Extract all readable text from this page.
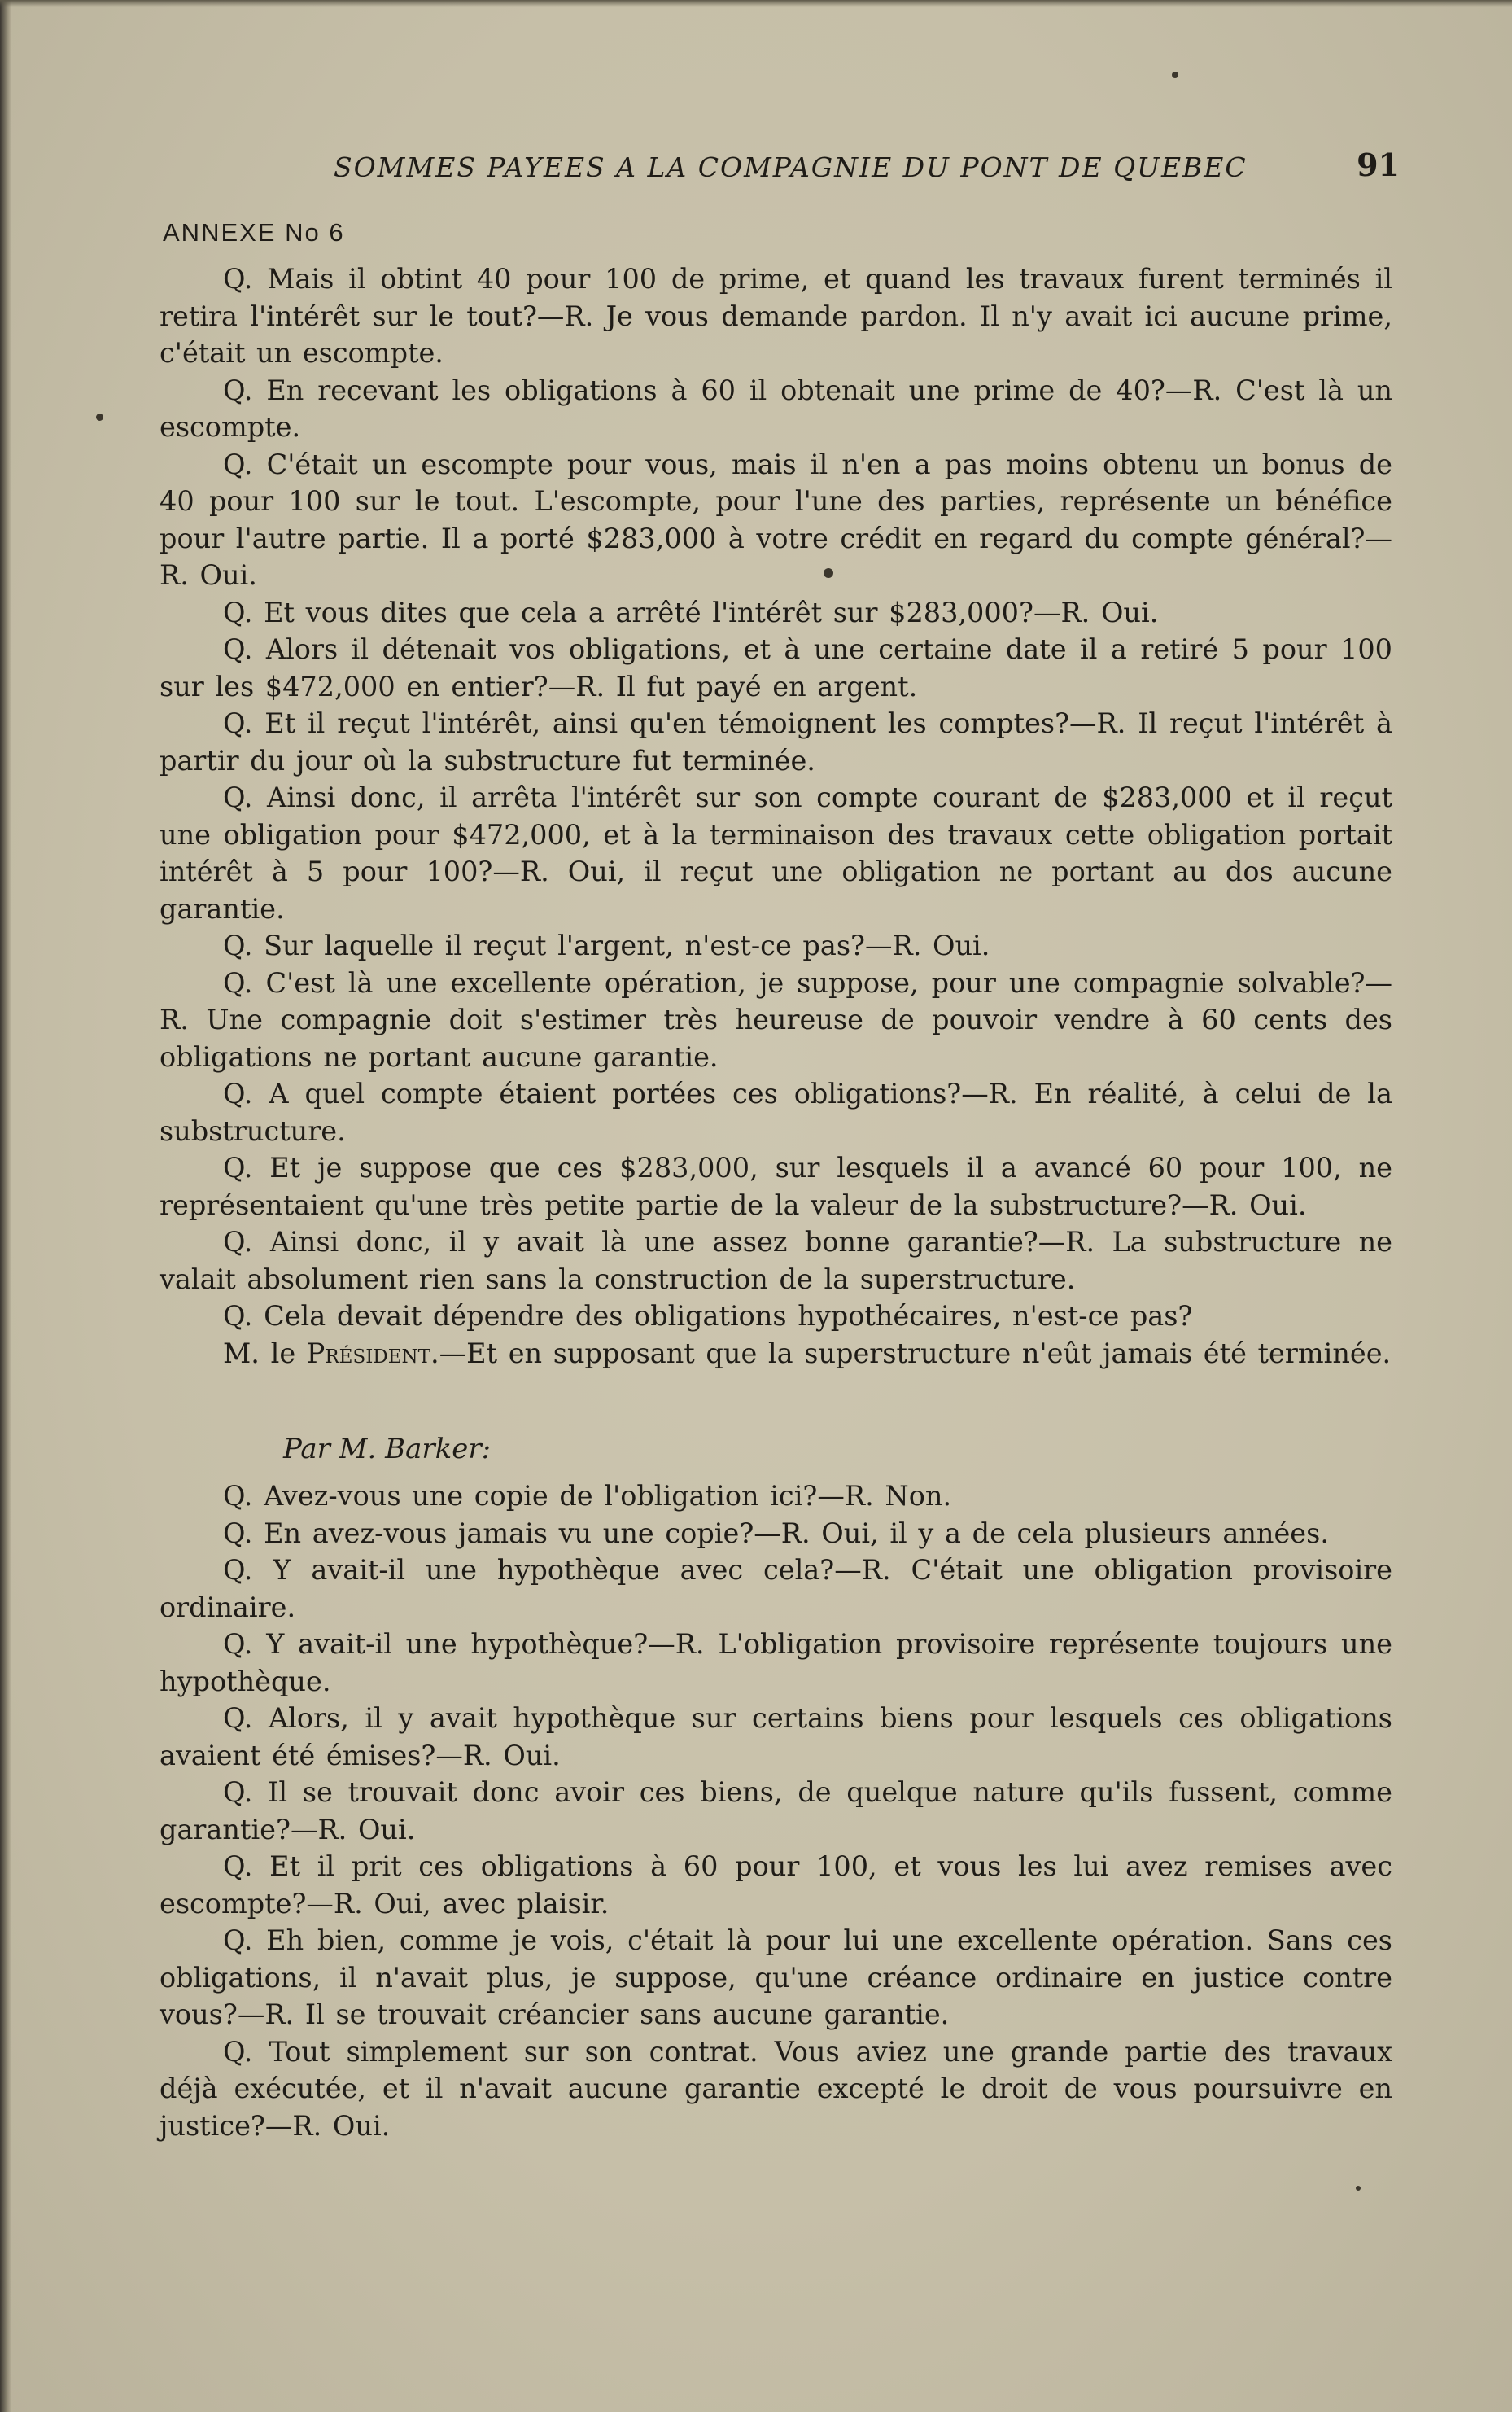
SOMMES PAYEES A LA COMPAGNIE DU PONT DE QUEBEC	91
ANNEXE No 6

Q. Mais il obtint 40 pour 100 de prime, et quand les travaux furent terminés il retira l'intérêt sur le tout?—R. Je vous demande pardon. Il n'y avait ici aucune prime, c'était un escompte.

Q. En recevant les obligations à 60 il obtenait une prime de 40?—R. C'est là un escompte.

Q. C'était un escompte pour vous, mais il n'en a pas moins obtenu un bonus de 40 pour 100 sur le tout. L'escompte, pour l'une des parties, représente un bénéfice pour l'autre partie. Il a porté $283,000 à votre crédit en regard du compte général?—R. Oui.

Q. Et vous dites que cela a arrêté l'intérêt sur $283,000?—R. Oui.

Q. Alors il détenait vos obligations, et à une certaine date il a retiré 5 pour 100 sur les $472,000 en entier?—R. Il fut payé en argent.

Q. Et il reçut l'intérêt, ainsi qu'en témoignent les comptes?—R. Il reçut l'intérêt à partir du jour où la substructure fut terminée.

Q. Ainsi donc, il arrêta l'intérêt sur son compte courant de $283,000 et il reçut une obligation pour $472,000, et à la terminaison des travaux cette obligation portait intérêt à 5 pour 100?—R. Oui, il reçut une obligation ne portant au dos aucune garantie.

Q. Sur laquelle il reçut l'argent, n'est-ce pas?—R. Oui.

Q. C'est là une excellente opération, je suppose, pour une compagnie solvable?—R. Une compagnie doit s'estimer très heureuse de pouvoir vendre à 60 cents des obligations ne portant aucune garantie.

Q. A quel compte étaient portées ces obligations?—R. En réalité, à celui de la substructure.

Q. Et je suppose que ces $283,000, sur lesquels il a avancé 60 pour 100, ne représentaient qu'une très petite partie de la valeur de la substructure?—R. Oui.

Q. Ainsi donc, il y avait là une assez bonne garantie?—R. La substructure ne valait absolument rien sans la construction de la superstructure.

Q. Cela devait dépendre des obligations hypothécaires, n'est-ce pas?

M. le Président.—Et en supposant que la superstructure n'eût jamais été terminée.

Par M. Barker:

Q. Avez-vous une copie de l'obligation ici?—R. Non.

Q. En avez-vous jamais vu une copie?—R. Oui, il y a de cela plusieurs années.

Q. Y avait-il une hypothèque avec cela?—R. C'était une obligation provisoire ordinaire.

Q. Y avait-il une hypothèque?—R. L'obligation provisoire représente toujours une hypothèque.

Q. Alors, il y avait hypothèque sur certains biens pour lesquels ces obligations avaient été émises?—R. Oui.

Q. Il se trouvait donc avoir ces biens, de quelque nature qu'ils fussent, comme garantie?—R. Oui.

Q. Et il prit ces obligations à 60 pour 100, et vous les lui avez remises avec escompte?—R. Oui, avec plaisir.

Q. Eh bien, comme je vois, c'était là pour lui une excellente opération. Sans ces obligations, il n'avait plus, je suppose, qu'une créance ordinaire en justice contre vous?—R. Il se trouvait créancier sans aucune garantie.

Q. Tout simplement sur son contrat. Vous aviez une grande partie des travaux déjà exécutée, et il n'avait aucune garantie excepté le droit de vous poursuivre en justice?—R. Oui.
